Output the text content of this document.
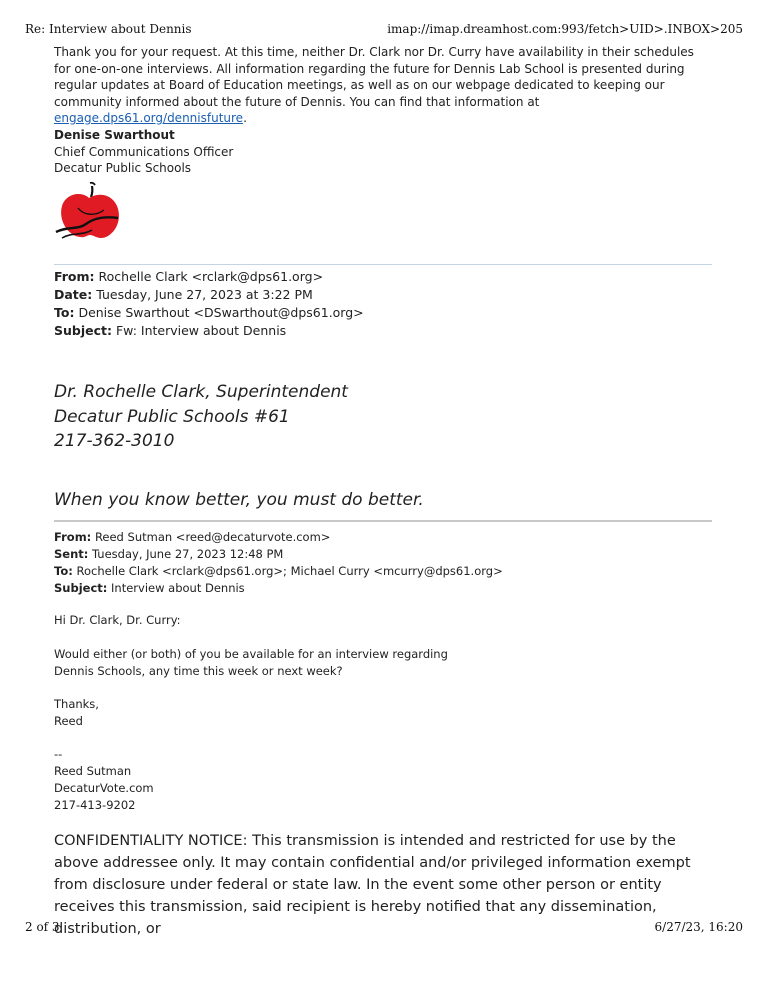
Re: Interview about Dennis	imap://imap.dreamhost.com:993/fetch>UID>.INBOX>205
Thank you for your request. At this time, neither Dr. Clark nor Dr. Curry have availability in their schedules for one-on-one interviews. All information regarding the future for Dennis Lab School is presented during regular updates at Board of Education meetings, as well as on our webpage dedicated to keeping our community informed about the future of Dennis. You can find that information at engage.dps61.org/dennisfuture.
Denise Swarthout
Chief Communications Officer
Decatur Public Schools
From: Rochelle Clark <rclark@dps61.org>
Date: Tuesday, June 27, 2023 at 3:22 PM
To: Denise Swarthout <DSwarthout@dps61.org>
Subject: Fw: Interview about Dennis
Dr. Rochelle Clark, Superintendent
Decatur Public Schools #61
217-362-3010
When you know better, you must do better.
From: Reed Sutman <reed@decaturvote.com>
Sent: Tuesday, June 27, 2023 12:48 PM
To: Rochelle Clark <rclark@dps61.org>; Michael Curry <mcurry@dps61.org>
Subject: Interview about Dennis
Hi Dr. Clark, Dr. Curry:
Would either (or both) of you be available for an interview regarding
Dennis Schools, any time this week or next week?
Thanks,
Reed
--
Reed Sutman
DecaturVote.com
217-413-9202
CONFIDENTIALITY NOTICE: This transmission is intended and restricted for use by the above addressee only. It may contain confidential and/or privileged information exempt from disclosure under federal or state law. In the event some other person or entity receives this transmission, said recipient is hereby notified that any dissemination, distribution, or
2 of 3	6/27/23, 16:20
